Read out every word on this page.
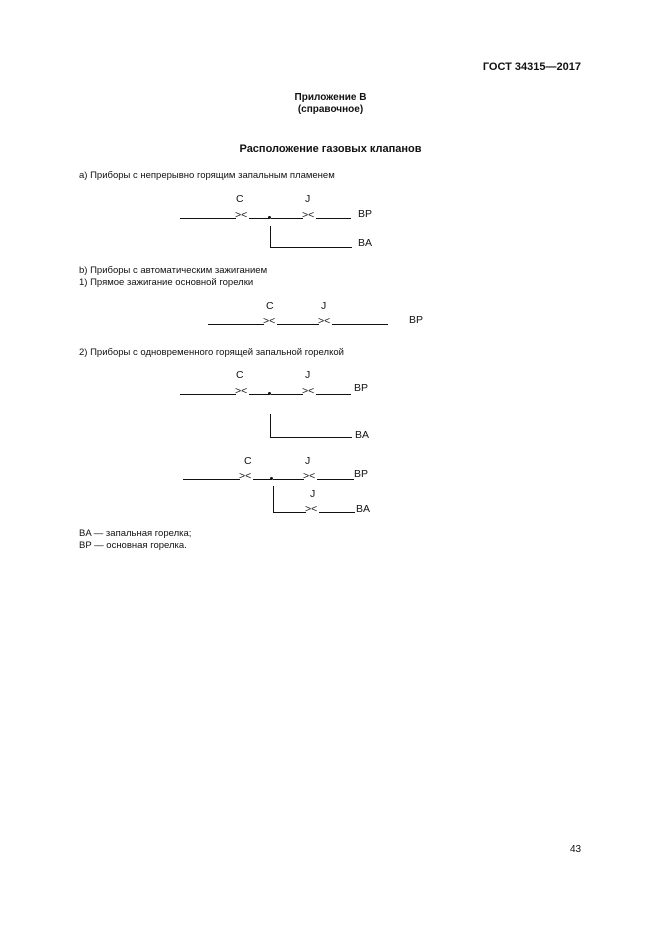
ГОСТ 34315—2017
Приложение В
(справочное)
Расположение газовых клапанов
a) Приборы с непрерывно горящим запальным пламенем
C	J
><	><	BP
BA
b) Приборы с автоматическим зажиганием
1) Прямое зажигание основной горелки
C	J
><	><	BP
2) Приборы с одновременного горящей запальной горелкой
C	J
><	><	BP
BA
C	J
><	><	BP
J
><	BA
BA — запальная горелка;
BP — основная горелка.
43
